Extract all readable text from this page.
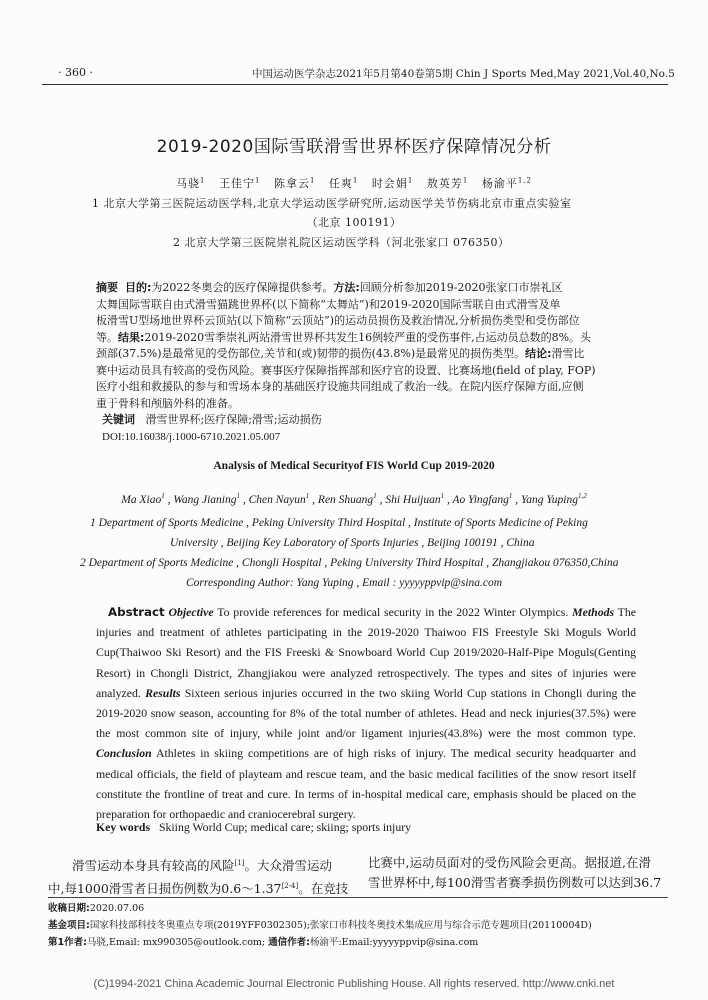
· 360 ·	中国运动医学杂志2021年5月第40卷第5期 Chin J Sports Med,May 2021,Vol.40,No.5
2019-2020国际雪联滑雪世界杯医疗保障情况分析
马骁$^1$ 王佳宁$^1$ 陈拿云$^1$ 任爽$^1$ 时会娟$^1$ 敖英芳$^1$ 杨渝平$^{1,2}$
1 北京大学第三医院运动医学科,北京大学运动医学研究所,运动医学关节伤病北京市重点实验室
（北京 100191）
2 北京大学第三医院崇礼院区运动医学科（河北张家口 076350）
摘要 目的:为2022冬奥会的医疗保障提供参考。方法:回顾分析参加2019-2020张家口市崇礼区
太舞国际雪联自由式滑雪猫跳世界杯(以下简称“太舞站”)和2019-2020国际雪联自由式滑雪及单
板滑雪U型场地世界杯云顶站(以下简称“云顶站”)的运动员损伤及救治情况,分析损伤类型和受伤部位
等。结果:2019-2020雪季崇礼两站滑雪世界杯共发生16例较严重的受伤事件,占运动员总数的8%。头
颈部(37.5%)是最常见的受伤部位,关节和(或)韧带的损伤(43.8%)是最常见的损伤类型。结论:滑雪比
赛中运动员具有较高的受伤风险。赛事医疗保障指挥部和医疗官的设置、比赛场地(field of play, FOP)
医疗小组和救援队的参与和雪场本身的基础医疗设施共同组成了救治一线。在院内医疗保障方面,应侧
重于骨科和颅脑外科的准备。
关键词 滑雪世界杯;医疗保障;滑雪;运动损伤
DOI:10.16038/j.1000-6710.2021.05.007
Analysis of Medical Securityof FIS World Cup 2019-2020
Ma Xiao$^1$ , Wang Jianing$^1$ , Chen Nayun$^1$ , Ren Shuang$^1$ , Shi Huijuan$^1$ , Ao Yingfang$^1$ , Yang Yuping$^{1,2}$
1 Department of Sports Medicine , Peking University Third Hospital , Institute of Sports Medicine of Peking
University , Beijing Key Laboratory of Sports Injuries , Beijing 100191 , China
2 Department of Sports Medicine , Chongli Hospital , Peking University Third Hospital , Zhangjiakou 076350,China
Corresponding Author: Yang Yuping , Email : yyyyyppvip@sina.com
Abstract Objective To provide references for medical security in the 2022 Winter Olympics. Methods The injuries and treatment of athletes participating in the 2019-2020 Thaiwoo FIS Freestyle Ski Moguls World Cup(Thaiwoo Ski Resort) and the FIS Freeski & Snowboard World Cup 2019/2020-Half-Pipe Moguls(Genting Resort) in Chongli District, Zhangjiakou were analyzed retrospectively. The types and sites of injuries were analyzed. Results Sixteen serious injuries occurred in the two skiing World Cup stations in Chongli during the 2019-2020 snow season, accounting for 8% of the total number of athletes. Head and neck injuries(37.5%) were the most common site of injury, while joint and/or ligament injuries(43.8%) were the most common type. Conclusion Athletes in skiing competitions are of high risks of injury. The medical security headquarter and medical officials, the field of playteam and rescue team, and the basic medical facilities of the snow resort itself constitute the frontline of treat and cure. In terms of in-hospital medical care, emphasis should be placed on the preparation for orthopaedic and craniocerebral surgery.
Key words Skiing World Cup; medical care; skiing; sports injury
滑雪运动本身具有较高的风险[1]。大众滑雪运动
中,每1000滑雪者日损伤例数为0.6～1.37[2-4]。在竞技
比赛中,运动员面对的受伤风险会更高。据报道,在滑
雪世界杯中,每100滑雪者赛季损伤例数可以达到36.7
收稿日期:2020.07.06
基金项目:国家科技部科技冬奥重点专项(2019YFF0302305);张家口市科技冬奥技术集成应用与综合示范专题项目(20110004D)
第1作者:马骁,Email: mx990305@outlook.com; 通信作者:杨渝平:Email:yyyyyppvip@sina.com
(C)1994-2021 China Academic Journal Electronic Publishing House. All rights reserved. http://www.cnki.net
